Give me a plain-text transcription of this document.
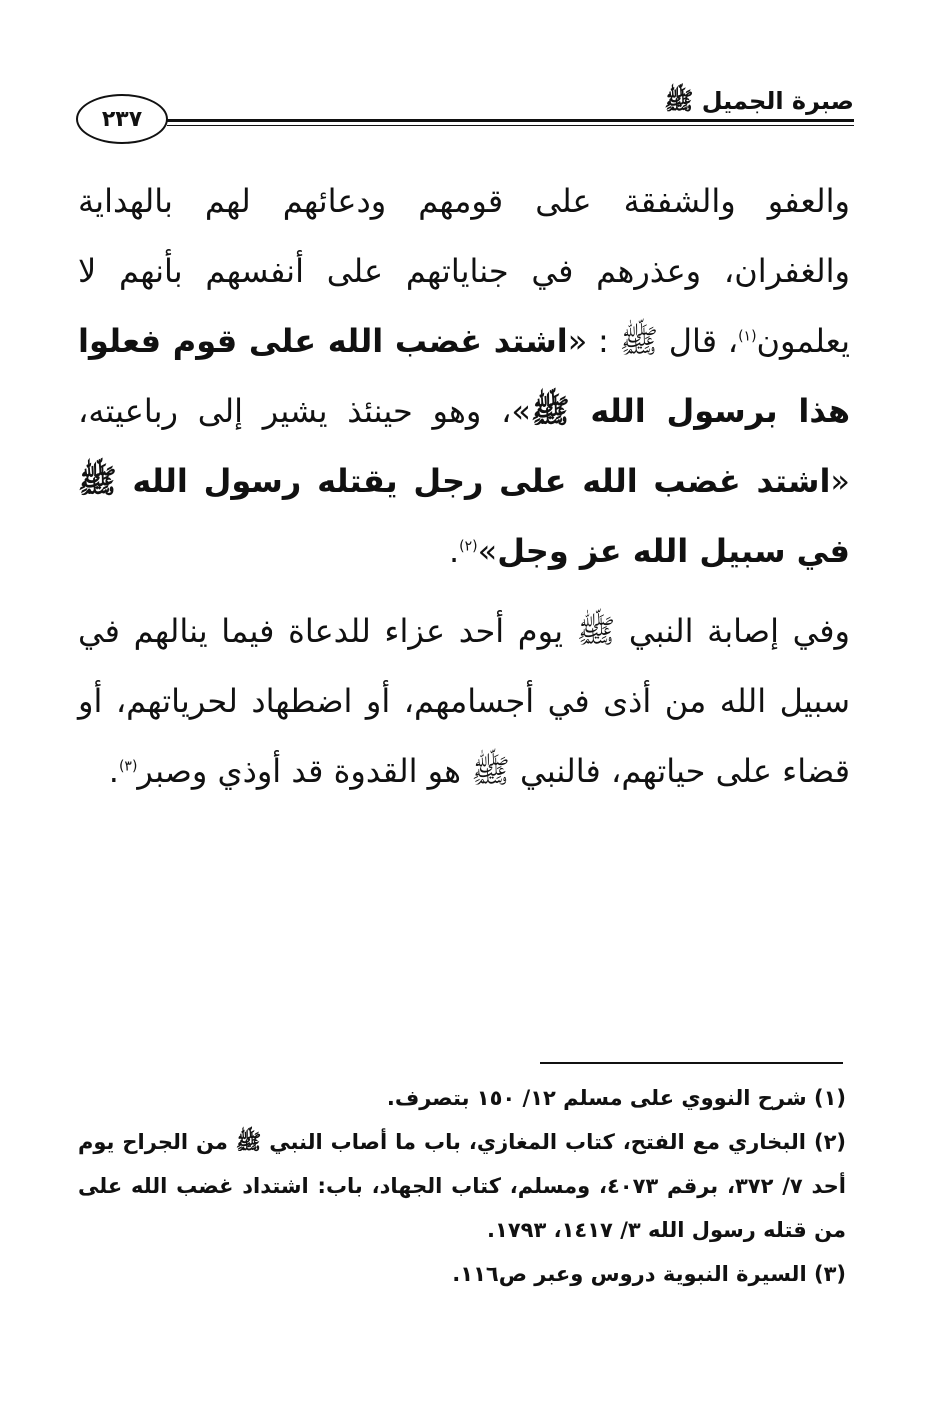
صبرة الجميل ﷺ
٢٣٧

والعفو والشفقة على قومهم ودعائهم لهم بالهداية والغفران، وعذرهم في جناياتهم على أنفسهم بأنهم لا يعلمون$^{(١)}$، قال ﷺ : «اشتد غضب الله على قوم فعلوا هذا برسول الله ﷺ»، وهو حينئذ يشير إلى رباعيته، «اشتد غضب الله على رجل يقتله رسول الله ﷺ في سبيل الله عز وجل»$^{(٢)}$.

وفي إصابة النبي ﷺ يوم أحد عزاء للدعاة فيما ينالهم في سبيل الله من أذى في أجسامهم، أو اضطهاد لحرياتهم، أو قضاء على حياتهم، فالنبي ﷺ هو القدوة قد أوذي وصبر$^{(٣)}$.

(١) شرح النووي على مسلم ١٢/ ١٥٠ بتصرف.

(٢) البخاري مع الفتح، كتاب المغازي، باب ما أصاب النبي ﷺ من الجراح يوم أحد ٧/ ٣٧٢، برقم ٤٠٧٣، ومسلم، كتاب الجهاد، باب: اشتداد غضب الله على من قتله رسول الله ٣/ ١٤١٧، ١٧٩٣.

(٣) السيرة النبوية دروس وعبر ص١١٦.
